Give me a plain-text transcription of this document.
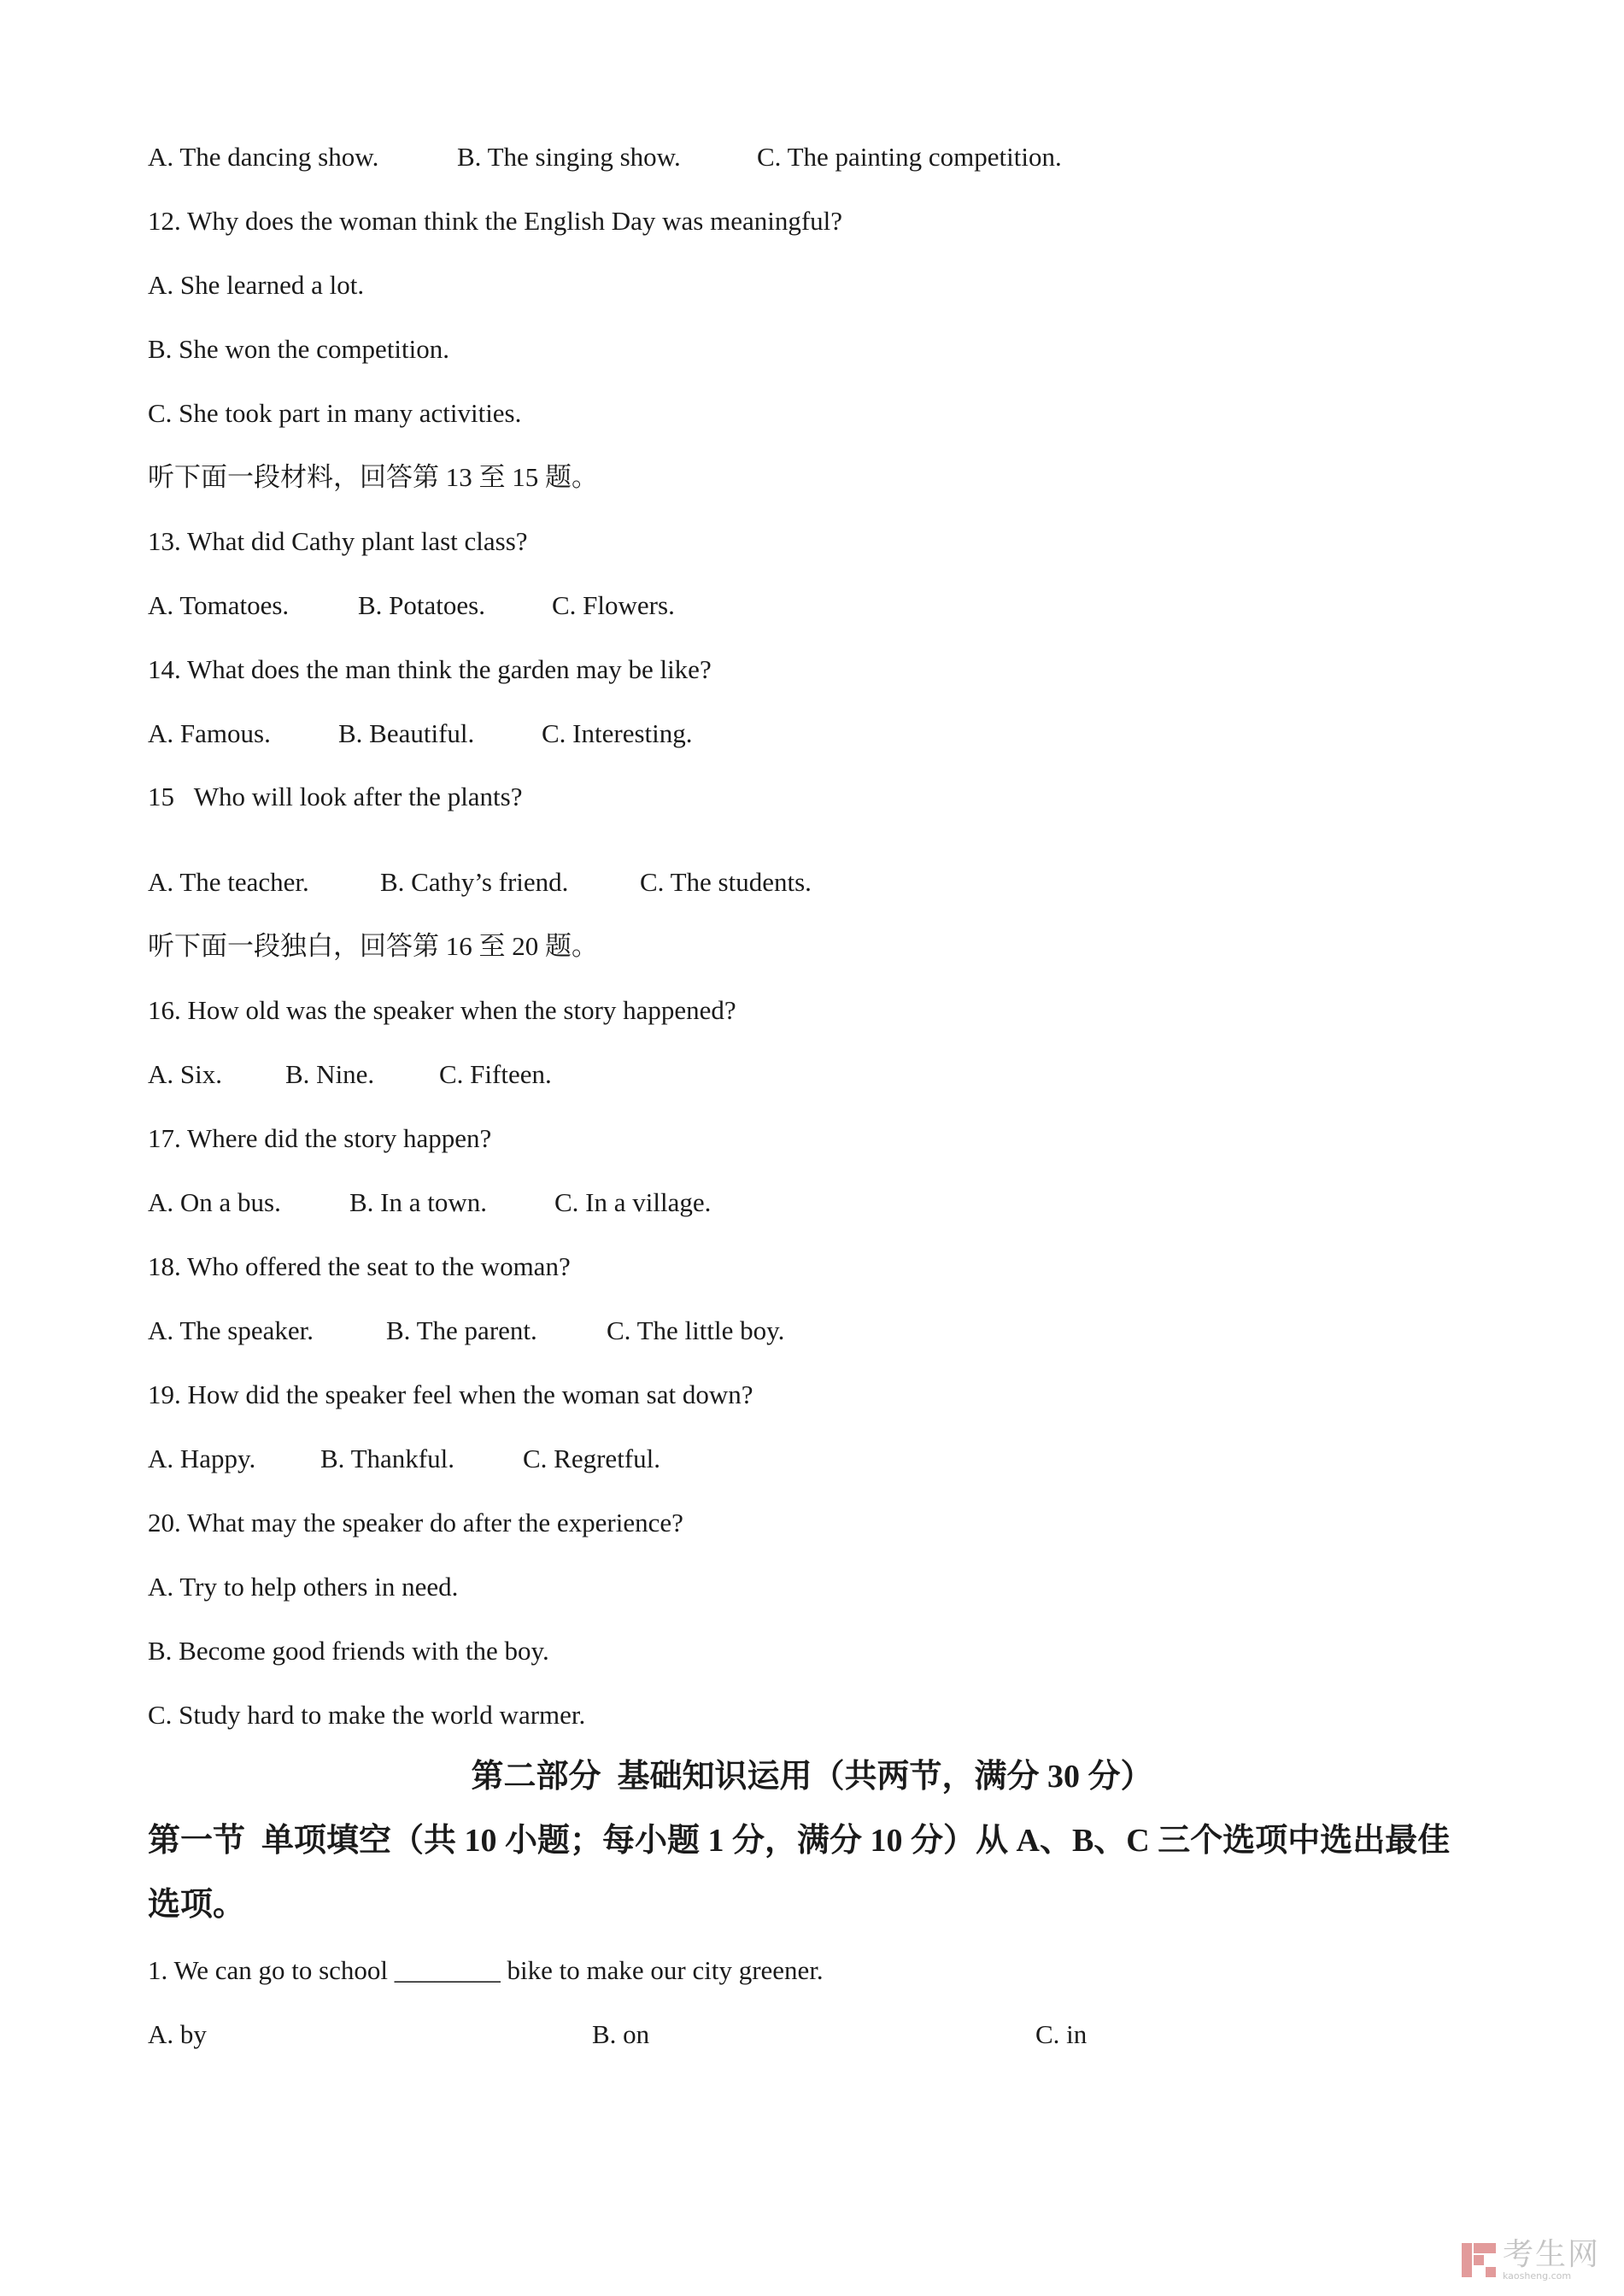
A. The dancing show.	B. The singing show.	C. The painting competition.
12. Why does the woman think the English Day was meaningful?
A. She learned a lot.
B. She won the competition.
C. She took part in many activities.
听下面一段材料，回答第 13 至 15 题。
13. What did Cathy plant last class?
A. Tomatoes.	B. Potatoes.	C. Flowers.
14. What does the man think the garden may be like?
A. Famous.	B. Beautiful.	C. Interesting.
15   Who will look after the plants?
A. The teacher.	B. Cathy’s friend.	C. The students.
听下面一段独白，回答第 16 至 20 题。
16. How old was the speaker when the story happened?
A. Six. B. Nine. C. Fifteen.
17. Where did the story happen?
A. On a bus.	B. In a town.	C. In a village.
18. Who offered the seat to the woman?
A. The speaker.	B. The parent.	C. The little boy.
19. How did the speaker feel when the woman sat down?
A. Happy. B. Thankful.	C. Regretful.
20. What may the speaker do after the experience?
A. Try to help others in need.
B. Become good friends with the boy.
C. Study hard to make the world warmer.
第二部分  基础知识运用（共两节，满分 30 分）
第一节  单项填空（共 10 小题；每小题 1 分，满分 10 分）从 A、B、C 三个选项中选出最佳
选项。
1. We can go to school ________ bike to make our city greener.
A. by	B. on	C. in
考生网
kaosheng.com
